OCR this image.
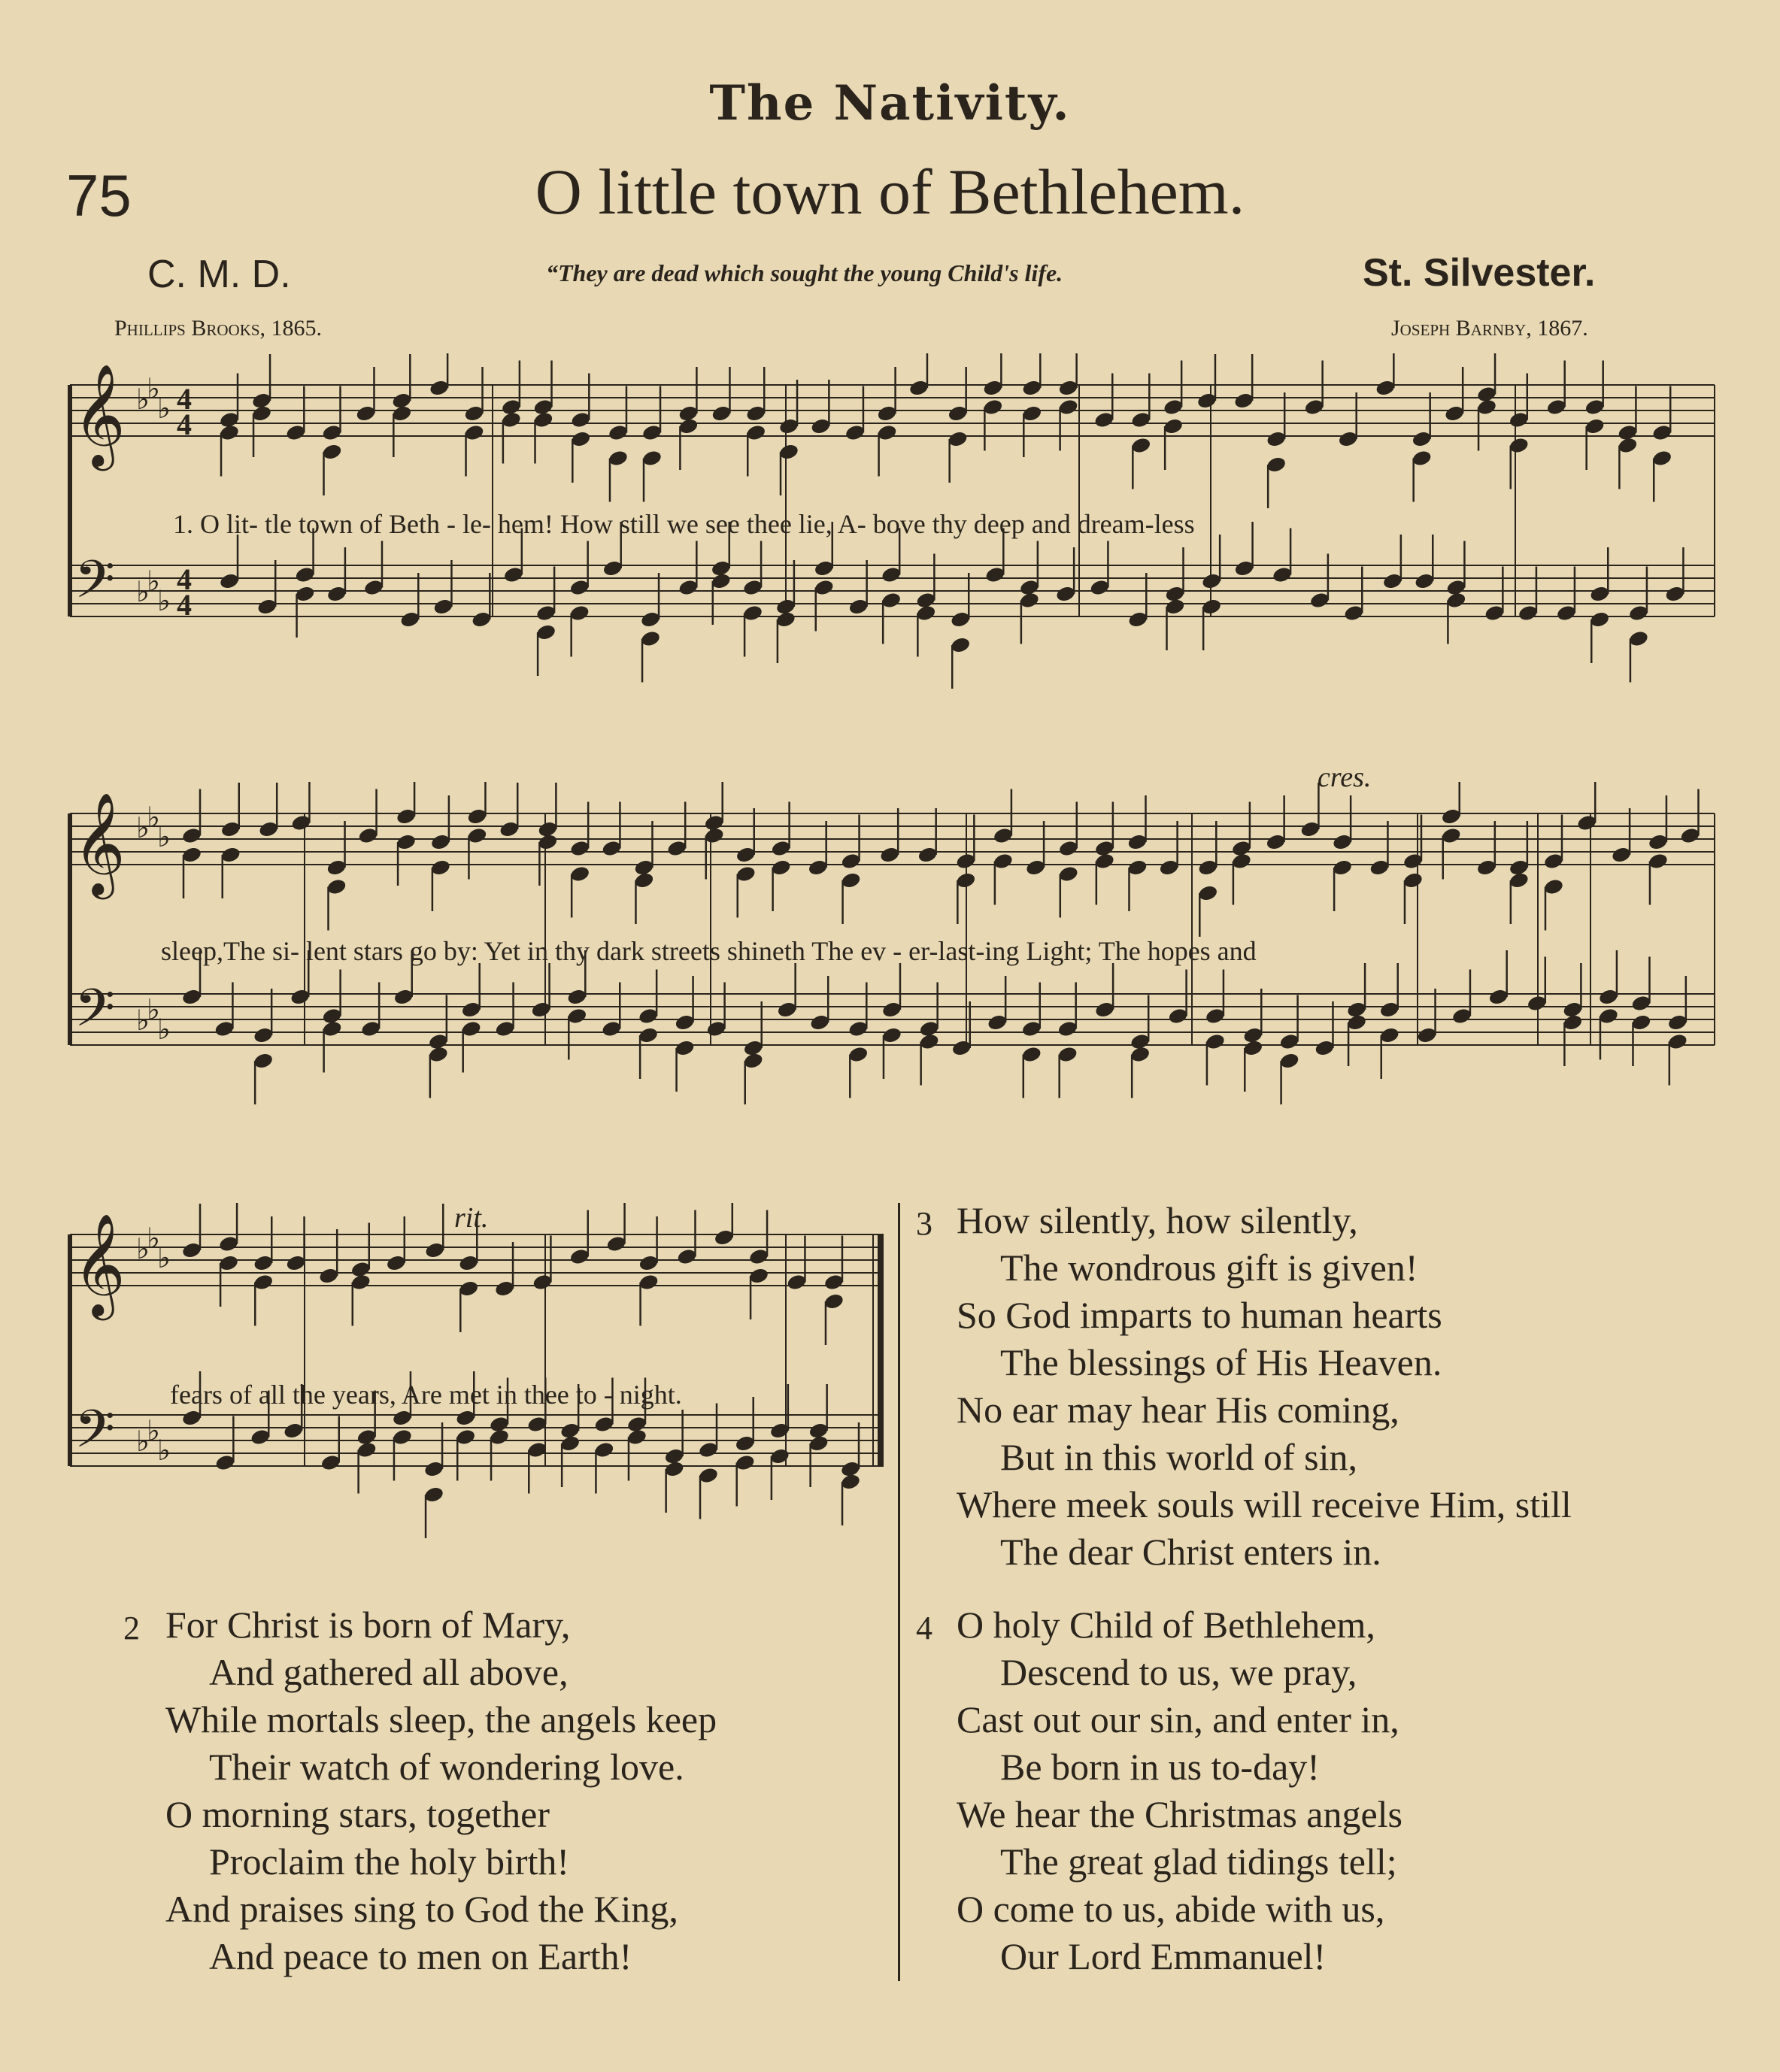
The Nativity.
75	O little town of Bethlehem.
C. M. D.	“They are dead which sought the young Child's life.	St. Silvester.
Phillips Brooks, 1865.	Joseph Barnby, 1867.
𝄞
𝄢
♭
♭
♭
♭
♭
♭
4
4
4
4
1. O lit- tle town of Beth - le- hem! How still we see thee lie, A- bove thy deep and dream-less
𝄞
𝄢
♭
♭
♭
♭
♭
♭
sleep,The si- lent stars go by: Yet in thy dark streets shineth The ev - er-last-ing Light; The hopes and
cres.
𝄞
𝄢
♭
♭
♭
♭
♭
♭
fears of all the years, Are met in thee to - night.
rit.
2 For Christ is born of Mary,
And gathered all above,
While mortals sleep, the angels keep
Their watch of wondering love.
O morning stars, together
Proclaim the holy birth!
And praises sing to God the King,
And peace to men on Earth!
3 How silently, how silently,
The wondrous gift is given!
So God imparts to human hearts
The blessings of His Heaven.
No ear may hear His coming,
But in this world of sin,
Where meek souls will receive Him, still
The dear Christ enters in.
4 O holy Child of Bethlehem,
Descend to us, we pray,
Cast out our sin, and enter in,
Be born in us to-day!
We hear the Christmas angels
The great glad tidings tell;
O come to us, abide with us,
Our Lord Emmanuel!
